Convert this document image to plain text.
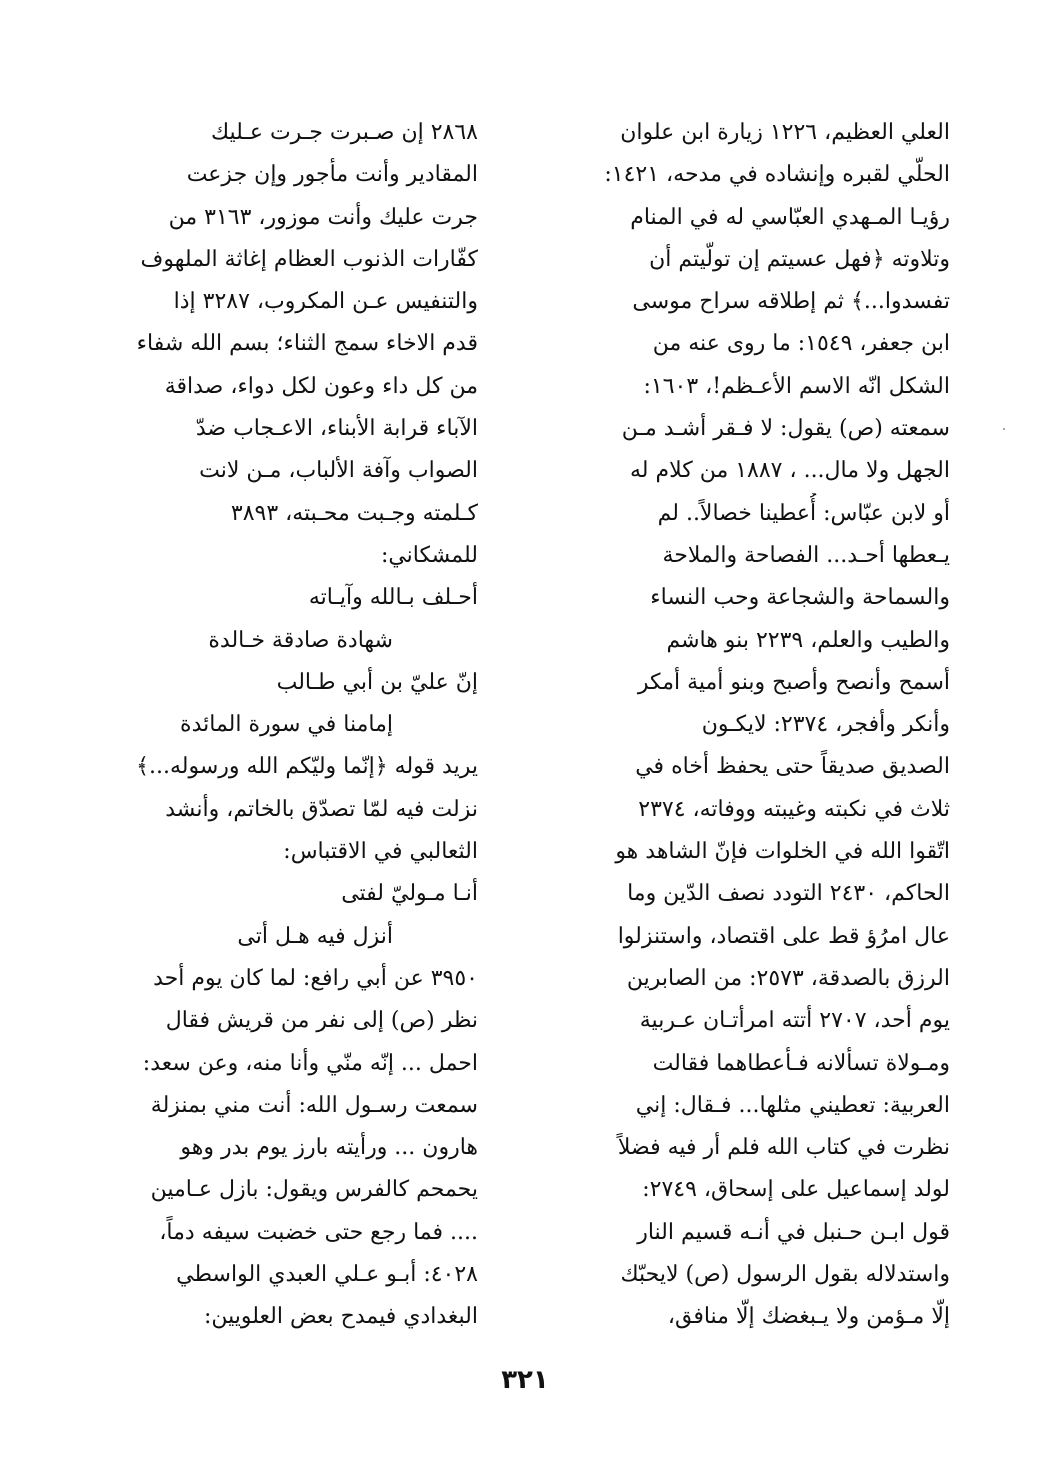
العلي العظيم، ١٢٢٦ زيارة ابن علوان
الحلّي لقبره وإنشاده في مدحه، ١٤٢١:
رؤيـا المـهدي العبّاسي له في المنام
وتلاوته ﴿فهل عسيتم إن تولّيتم أن
تفسدوا...﴾ ثم إطلاقه سراح موسى
ابن جعفر، ١٥٤٩: ما روى عنه من
الشكل انّه الاسم الأعـظم!، ١٦٠٣:
سمعته (ص) يقول: لا فـقر أشـد مـن
الجهل ولا مال... ، ١٨٨٧ من كلام له
أو لابن عبّاس: أُعطينا خصالاً.. لم
يـعطها أحـد... الفصاحة والملاحة
والسماحة والشجاعة وحب النساء
والطيب والعلم، ٢٢٣٩ بنو هاشم
أسمح وأنصح وأصبح وبنو أمية أمكر
وأنكر وأفجر، ٢٣٧٤: لايكـون
الصديق صديقاً حتى يحفظ أخاه في
ثلاث في نكبته وغيبته ووفاته، ٢٣٧٤
اتّقوا الله في الخلوات فإنّ الشاهد هو
الحاكم، ٢٤٣٠ التودد نصف الدّين وما
عال امرُؤ قط على اقتصاد، واستنزلوا
الرزق بالصدقة، ٢٥٧٣: من الصابرين
يوم أحد، ٢٧٠٧ أتته امرأتـان عـربية
ومـولاة تسألانه فـأعطاهما فقالت
العربية: تعطيني مثلها... فـقال: إني
نظرت في كتاب الله فلم أر فيه فضلاً
لولد إسماعيل على إسحاق، ٢٧٤٩:
قول ابـن حـنبل في أنـه قسيم النار
واستدلاله بقول الرسول (ص) لايحبّك
إلّا مـؤمن ولا يـبغضك إلّا منافق،
٢٨٦٨ إن صـبرت جـرت عـليك
المقادير وأنت مأجور وإن جزعت
جرت عليك وأنت موزور، ٣١٦٣ من
كفّارات الذنوب العظام إغاثة الملهوف
والتنفيس عـن المكروب، ٣٢٨٧ إذا
قدم الاخاء سمج الثناء؛ بسم الله شفاء
من كل داء وعون لكل دواء، صداقة
الآباء قرابة الأبناء، الاعـجاب ضدّ
الصواب وآفة الألباب، مـن لانت
كـلمته وجـبت محـبته، ٣٨٩٣
للمشكاني:
أحـلف بـالله وآيـاته
شهادة صادقة خـالدة
إنّ عليّ بن أبي طـالب
إمامنا في سورة المائدة
يريد قوله ﴿إنّما وليّكم الله ورسوله...﴾
نزلت فيه لمّا تصدّق بالخاتم، وأنشد
الثعالبي في الاقتباس:
أنـا مـوليّ لفتى
أنزل فيه هـل أتى
٣٩٥٠ عن أبي رافع: لما كان يوم أحد
نظر (ص) إلى نفر من قريش فقال
احمل ... إنّه منّي وأنا منه، وعن سعد:
سمعت رسـول الله: أنت مني بمنزلة
هارون ... ورأيته بارز يوم بدر وهو
يحمحم كالفرس ويقول: بازل عـامين
.... فما رجع حتى خضبت سيفه دماً،
٤٠٢٨: أبـو عـلي العبدي الواسطي
البغدادي فيمدح بعض العلويين:
٣٢١
